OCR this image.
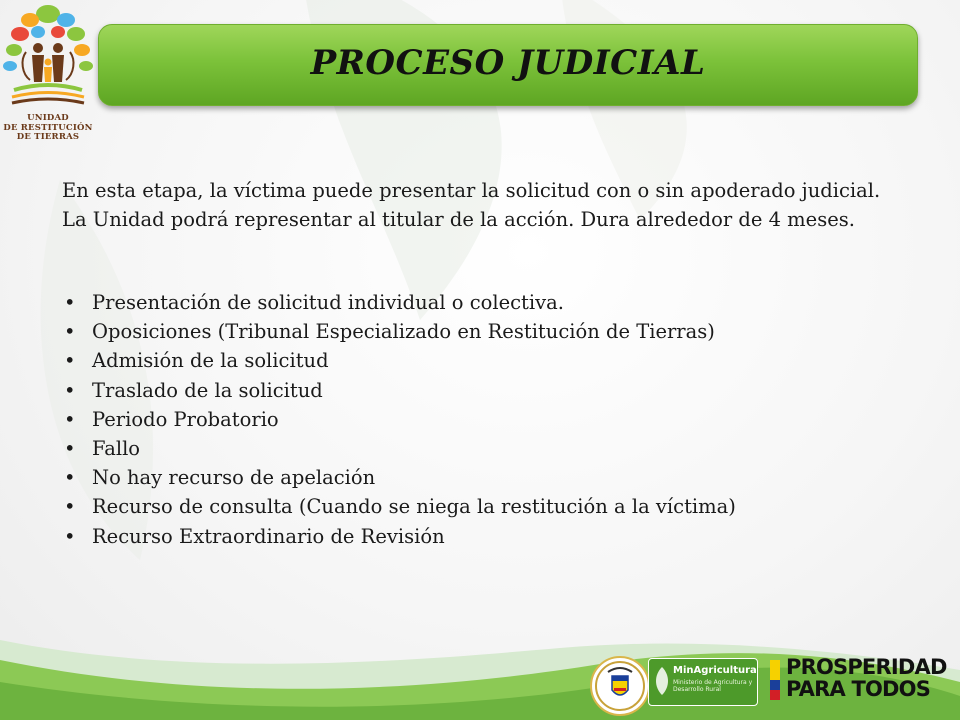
UNIDAD
DE RESTITUCIÓN
DE TIERRAS
PROCESO JUDICIAL
En esta etapa, la víctima puede presentar la solicitud con o sin apoderado judicial. La Unidad podrá representar al titular de la acción. Dura alrededor de 4 meses.
• Presentación de solicitud individual o colectiva.
• Oposiciones (Tribunal Especializado en Restitución de Tierras)
• Admisión de la solicitud
• Traslado de la solicitud
• Periodo Probatorio
• Fallo
• No hay recurso de apelación
• Recurso de consulta (Cuando se niega la restitución a la víctima)
• Recurso Extraordinario de Revisión
MinAgricultura
Ministerio de Agricultura y Desarrollo Rural
PROSPERIDAD
PARA TODOS
